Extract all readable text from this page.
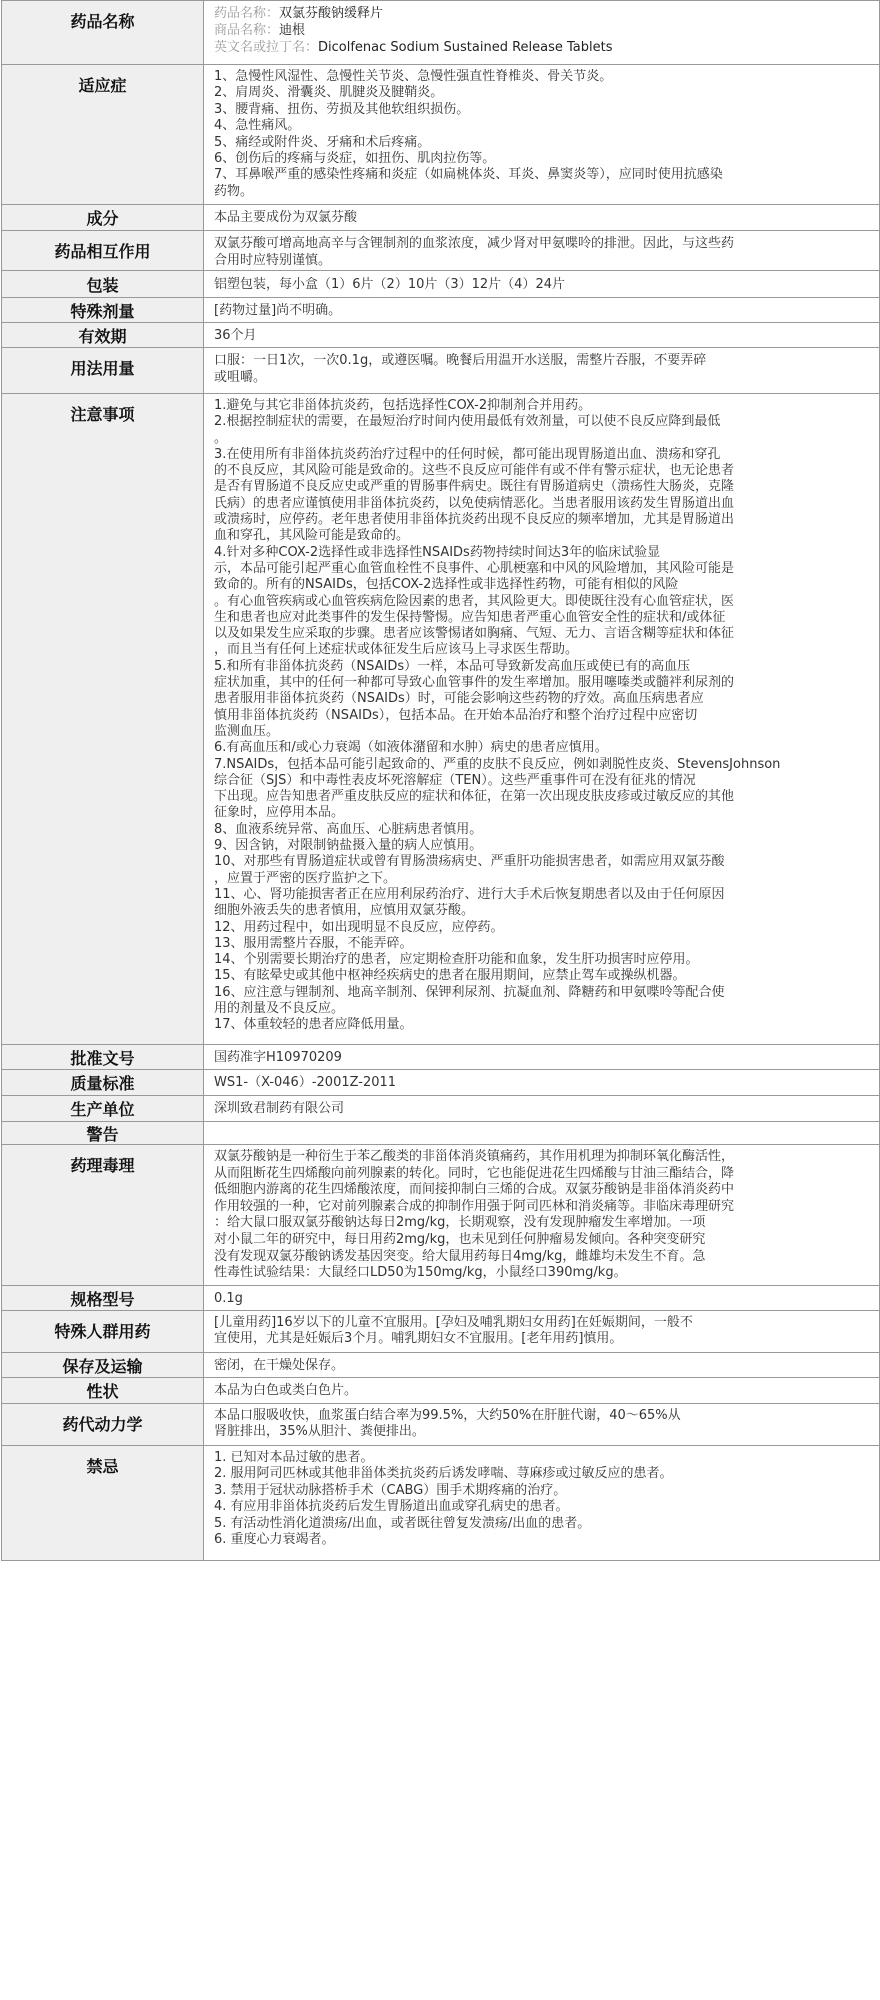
药品名称	药品名称：双氯芬酸钠缓释片
商品名称：迪根
英文名或拉丁名：Dicolfenac Sodium Sustained Release Tablets
适应症	1、急慢性风湿性、急慢性关节炎、急慢性强直性脊椎炎、骨关节炎。
2、肩周炎、滑囊炎、肌腱炎及腱鞘炎。
3、腰背痛、扭伤、劳损及其他软组织损伤。
4、急性痛风。
5、痛经或附件炎、牙痛和术后疼痛。
6、创伤后的疼痛与炎症，如扭伤、肌肉拉伤等。
7、耳鼻喉严重的感染性疼痛和炎症（如扁桃体炎、耳炎、鼻窦炎等），应同时使用抗感染
药物。
成分	本品主要成份为双氯芬酸
药品相互作用	双氯芬酸可增高地高辛与含锂制剂的血浆浓度，减少肾对甲氨喋呤的排泄。因此，与这些药
合用时应特别谨慎。
包装	铝塑包装，每小盒（1）6片（2）10片（3）12片（4）24片
特殊剂量	[药物过量]尚不明确。
有效期	36个月
用法用量	口服：一日1次，一次0.1g，或遵医嘱。晚餐后用温开水送服，需整片吞服，不要弄碎
或咀嚼。
注意事项	1.避免与其它非甾体抗炎药，包括选择性COX-2抑制剂合并用药。
2.根据控制症状的需要，在最短治疗时间内使用最低有效剂量，可以使不良反应降到最低
。
3.在使用所有非甾体抗炎药治疗过程中的任何时候，都可能出现胃肠道出血、溃疡和穿孔
的不良反应，其风险可能是致命的。这些不良反应可能伴有或不伴有警示症状，也无论患者
是否有胃肠道不良反应史或严重的胃肠事件病史。既往有胃肠道病史（溃疡性大肠炎，克隆
氏病）的患者应谨慎使用非甾体抗炎药，以免使病情恶化。当患者服用该药发生胃肠道出血
或溃疡时，应停药。老年患者使用非甾体抗炎药出现不良反应的频率增加，尤其是胃肠道出
血和穿孔，其风险可能是致命的。
4.针对多种COX-2选择性或非选择性NSAIDs药物持续时间达3年的临床试验显
示，本品可能引起严重心血管血栓性不良事件、心肌梗塞和中风的风险增加，其风险可能是
致命的。所有的NSAIDs，包括COX-2选择性或非选择性药物，可能有相似的风险
。有心血管疾病或心血管疾病危险因素的患者，其风险更大。即使既往没有心血管症状，医
生和患者也应对此类事件的发生保持警惕。应告知患者严重心血管安全性的症状和/或体征
以及如果发生应采取的步骤。患者应该警惕诸如胸痛、气短、无力、言语含糊等症状和体征
，而且当有任何上述症状或体征发生后应该马上寻求医生帮助。
5.和所有非甾体抗炎药（NSAIDs）一样，本品可导致新发高血压或使已有的高血压
症状加重，其中的任何一种都可导致心血管事件的发生率增加。服用噻嗪类或髓袢利尿剂的
患者服用非甾体抗炎药（NSAIDs）时，可能会影响这些药物的疗效。高血压病患者应
慎用非甾体抗炎药（NSAIDs），包括本品。在开始本品治疗和整个治疗过程中应密切
监测血压。
6.有高血压和/或心力衰竭（如液体潴留和水肿）病史的患者应慎用。
7.NSAIDs，包括本品可能引起致命的、严重的皮肤不良反应，例如剥脱性皮炎、StevensJohnson
综合征（SJS）和中毒性表皮坏死溶解症（TEN）。这些严重事件可在没有征兆的情况
下出现。应告知患者严重皮肤反应的症状和体征，在第一次出现皮肤皮疹或过敏反应的其他
征象时，应停用本品。
8、血液系统异常、高血压、心脏病患者慎用。
9、因含钠，对限制钠盐摄入量的病人应慎用。
10、对那些有胃肠道症状或曾有胃肠溃疡病史、严重肝功能损害患者，如需应用双氯芬酸
，应置于严密的医疗监护之下。
11、心、肾功能损害者正在应用利尿药治疗、进行大手术后恢复期患者以及由于任何原因
细胞外液丢失的患者慎用，应慎用双氯芬酸。
12、用药过程中，如出现明显不良反应，应停药。
13、服用需整片吞服，不能弄碎。
14、个别需要长期治疗的患者，应定期检查肝功能和血象，发生肝功损害时应停用。
15、有眩晕史或其他中枢神经疾病史的患者在服用期间，应禁止驾车或操纵机器。
16、应注意与锂制剂、地高辛制剂、保钾利尿剂、抗凝血剂、降糖药和甲氨喋呤等配合使
用的剂量及不良反应。
17、体重较轻的患者应降低用量。
批准文号	国药准字H10970209
质量标准	WS1-（X-046）-2001Z-2011
生产单位	深圳致君制药有限公司
警告
药理毒理	双氯芬酸钠是一种衍生于苯乙酸类的非甾体消炎镇痛药，其作用机理为抑制环氧化酶活性，
从而阻断花生四烯酸向前列腺素的转化。同时，它也能促进花生四烯酸与甘油三酯结合，降
低细胞内游离的花生四烯酸浓度，而间接抑制白三烯的合成。双氯芬酸钠是非甾体消炎药中
作用较强的一种，它对前列腺素合成的抑制作用强于阿司匹林和消炎痛等。非临床毒理研究
：给大鼠口服双氯芬酸钠达每日2mg/kg，长期观察，没有发现肿瘤发生率增加。一项
对小鼠二年的研究中，每日用药2mg/kg，也未见到任何肿瘤易发倾向。各种突变研究
没有发现双氯芬酸钠诱发基因突变。给大鼠用药每日4mg/kg，雌雄均未发生不育。急
性毒性试验结果：大鼠经口LD50为150mg/kg，小鼠经口390mg/kg。
规格型号	0.1g
特殊人群用药	[儿童用药]16岁以下的儿童不宜服用。[孕妇及哺乳期妇女用药]在妊娠期间，一般不
宜使用，尤其是妊娠后3个月。哺乳期妇女不宜服用。[老年用药]慎用。
保存及运输	密闭，在干燥处保存。
性状	本品为白色或类白色片。
药代动力学	本品口服吸收快，血浆蛋白结合率为99.5%，大约50%在肝脏代谢，40～65%从
肾脏排出，35%从胆汁、粪便排出。
禁忌	1. 已知对本品过敏的患者。
2. 服用阿司匹林或其他非甾体类抗炎药后诱发哮喘、荨麻疹或过敏反应的患者。
3. 禁用于冠状动脉搭桥手术（CABG）围手术期疼痛的治疗。
4. 有应用非甾体抗炎药后发生胃肠道出血或穿孔病史的患者。
5. 有活动性消化道溃疡/出血，或者既往曾复发溃疡/出血的患者。
6. 重度心力衰竭者。
